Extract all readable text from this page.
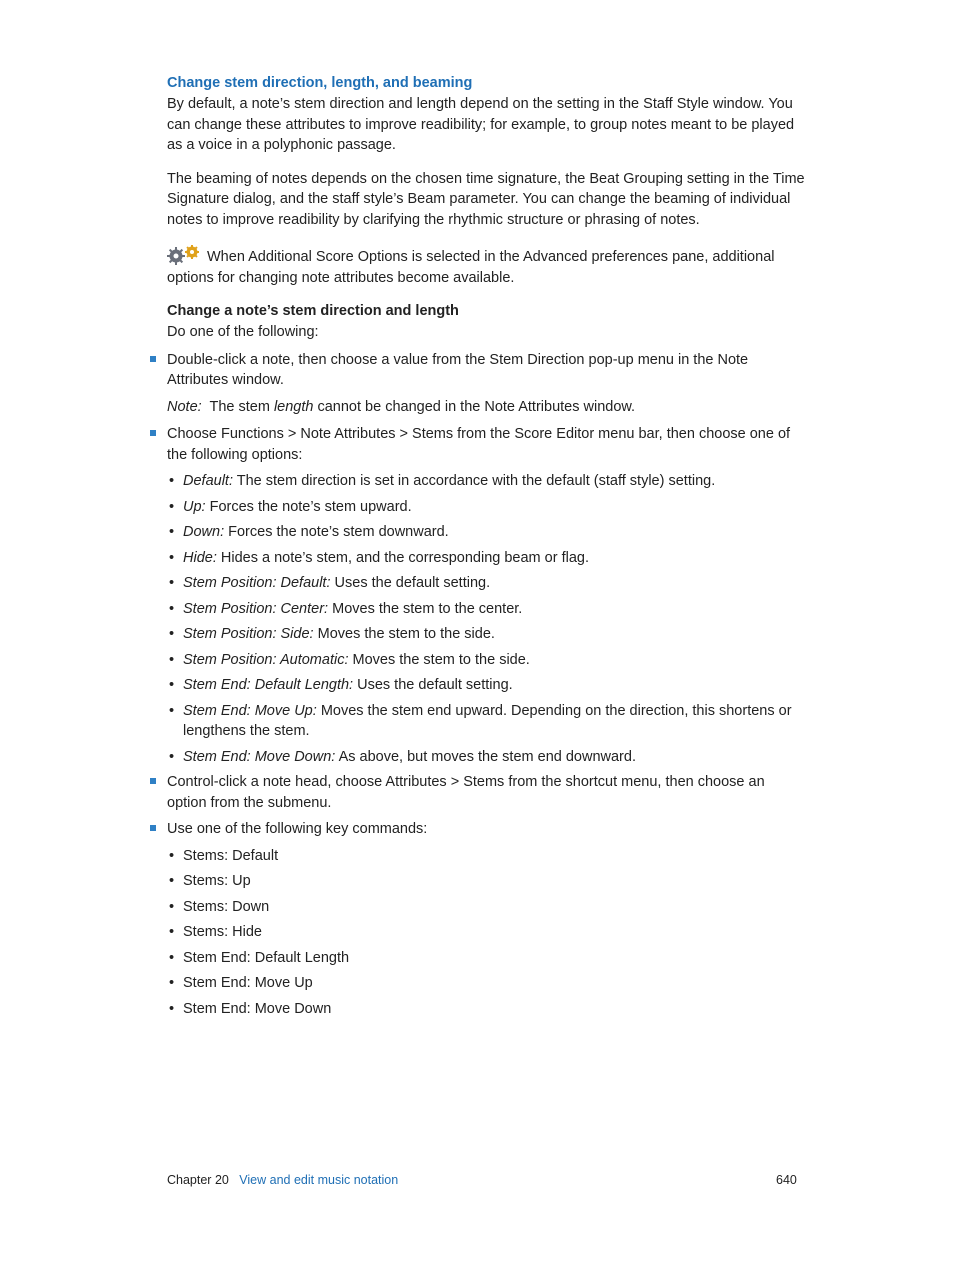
Change stem direction, length, and beaming

By default, a note’s stem direction and length depend on the setting in the Staff Style window. You can change these attributes to improve readibility; for example, to group notes meant to be played as a voice in a polyphonic passage.

The beaming of notes depends on the chosen time signature, the Beat Grouping setting in the Time Signature dialog, and the staff style’s Beam parameter. You can change the beaming of individual notes to improve readibility by clarifying the rhythmic structure or phrasing of notes.

When Additional Score Options is selected in the Advanced preferences pane, additional options for changing note attributes become available.

Change a note’s stem direction and length

Do one of the following:

Double-click a note, then choose a value from the Stem Direction pop-up menu in the Note Attributes window.

Note: The stem length cannot be changed in the Note Attributes window.

Choose Functions > Note Attributes > Stems from the Score Editor menu bar, then choose one of the following options:

• Default: The stem direction is set in accordance with the default (staff style) setting.
• Up: Forces the note’s stem upward.
• Down: Forces the note’s stem downward.
• Hide: Hides a note’s stem, and the corresponding beam or flag.
• Stem Position: Default: Uses the default setting.
• Stem Position: Center: Moves the stem to the center.
• Stem Position: Side: Moves the stem to the side.
• Stem Position: Automatic: Moves the stem to the side.
• Stem End: Default Length: Uses the default setting.
• Stem End: Move Up: Moves the stem end upward. Depending on the direction, this shortens or lengthens the stem.
• Stem End: Move Down: As above, but moves the stem end downward.

Control-click a note head, choose Attributes > Stems from the shortcut menu, then choose an option from the submenu.

Use one of the following key commands:

• Stems: Default
• Stems: Up
• Stems: Down
• Stems: Hide
• Stem End: Default Length
• Stem End: Move Up
• Stem End: Move Down
Chapter 20 View and edit music notation	640
